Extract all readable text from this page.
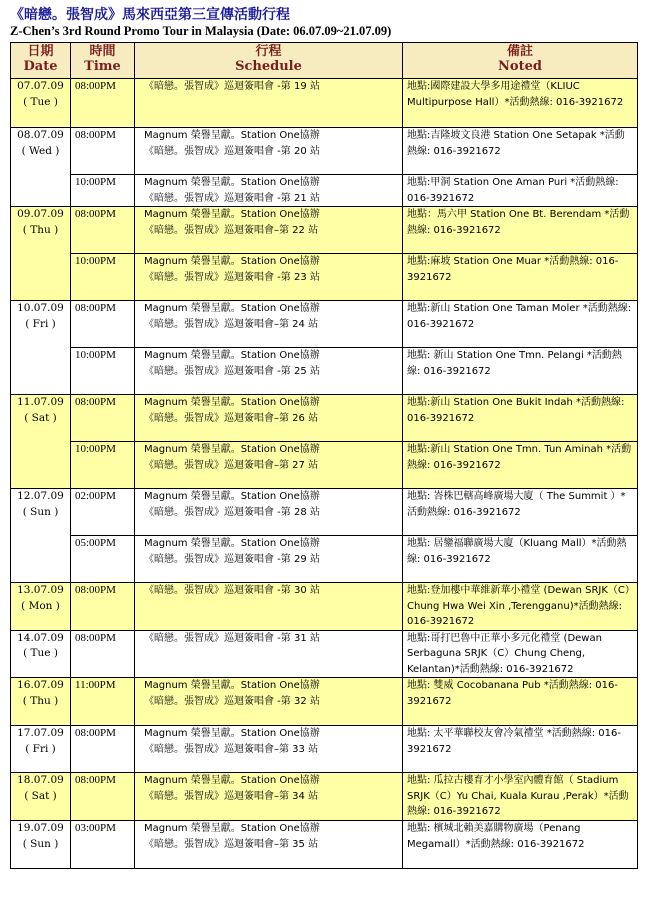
《暗戀。張智成》馬來西亞第三宣傳活動行程
Z-Chen’s 3rd Round Promo Tour in Malaysia (Date: 06.07.09~21.07.09)
日期
Date	時間
Time	行程
Schedule	備註
Noted

07.07.09
( Tue )	08:00PM	《暗戀。張智成》巡迴簽唱會 -第 19 站	地點:國際建設大學多用途禮堂（KLIUC Multipurpose Hall）*活動熱線: 016-3921672

08.07.09
( Wed )	08:00PM	Magnum 榮譽呈獻。Station One協辦
《暗戀。張智成》巡迴簽唱會 -第 20 站	地點:吉隆坡文良港 Station One Setapak *活動熱線: 016-3921672
	10:00PM	Magnum 榮譽呈獻。Station One協辦
《暗戀。張智成》巡迴簽唱會 -第 21 站	地點:甲洞 Station One Aman Puri *活動熱線: 016-3921672

09.07.09
( Thu )	08:00PM	Magnum 榮譽呈獻。Station One協辦
《暗戀。張智成》巡迴簽唱會–第 22 站	地點：馬六甲 Station One Bt. Berendam *活動熱線: 016-3921672
	10:00PM	Magnum 榮譽呈獻。Station One協辦
《暗戀。張智成》巡迴簽唱會 -第 23 站	地點:麻坡 Station One Muar *活動熱線: 016-3921672

10.07.09
( Fri )	08:00PM	Magnum 榮譽呈獻。Station One協辦
《暗戀。張智成》巡迴簽唱會–第 24 站	地點:新山 Station One Taman Moler *活動熱線: 016-3921672
	10:00PM	Magnum 榮譽呈獻。Station One協辦
《暗戀。張智成》巡迴簽唱會 -第 25 站	地點: 新山 Station One Tmn. Pelangi *活動熱線: 016-3921672

11.07.09
( Sat )	08:00PM	Magnum 榮譽呈獻。Station One協辦
《暗戀。張智成》巡迴簽唱會–第 26 站	地點:新山 Station One Bukit Indah *活動熱線: 016-3921672
	10:00PM	Magnum 榮譽呈獻。Station One協辦
《暗戀。張智成》巡迴簽唱會–第 27 站	地點:新山 Station One Tmn. Tun Aminah *活動熱線: 016-3921672

12.07.09
( Sun )	02:00PM	Magnum 榮譽呈獻。Station One協辦
《暗戀。張智成》巡迴簽唱會 -第 28 站	地點: 峇株巴轄高峰廣場大廈（ The Summit ）*活動熱線: 016-3921672
	05:00PM	Magnum 榮譽呈獻。Station One協辦
《暗戀。張智成》巡迴簽唱會 -第 29 站	地點: 居鑾福聯廣場大廈（Kluang Mall）*活動熱線: 016-3921672

13.07.09
( Mon )	08:00PM	《暗戀。張智成》巡迴簽唱會 -第 30 站	地點:登加樓中華維新華小禮堂 (Dewan SRJK（C）Chung Hwa Wei Xin ,Terengganu)*活動熱線: 016-3921672

14.07.09
( Tue )	08:00PM	《暗戀。張智成》巡迴簽唱會 -第 31 站	地點:哥打巴魯中正華小多元化禮堂 (Dewan Serbaguna SRJK（C）Chung Cheng, Kelantan)*活動熱線: 016-3921672

16.07.09
( Thu )	11:00PM	Magnum 榮譽呈獻。Station One協辦
《暗戀。張智成》巡迴簽唱會 -第 32 站	地點: 雙威 Cocobanana Pub *活動熱線: 016-3921672

17.07.09
( Fri )	08:00PM	Magnum 榮譽呈獻。Station One協辦
《暗戀。張智成》巡迴簽唱會–第 33 站	地點: 太平華聯校友會冷氣禮堂 *活動熱線: 016-3921672

18.07.09
( Sat )	08:00PM	Magnum 榮譽呈獻。Station One協辦
《暗戀。張智成》巡迴簽唱會–第 34 站	地點: 瓜拉古樓育才小學室內體育館（ Stadium SRJK（C）Yu Chai, Kuala Kurau ,Perak）*活動熱線: 016-3921672

19.07.09
( Sun )	03:00PM	Magnum 榮譽呈獻。Station One協辦
《暗戀。張智成》巡迴簽唱會–第 35 站	地點: 檳城北賴美嘉購物廣場（Penang Megamall）*活動熱線: 016-3921672
